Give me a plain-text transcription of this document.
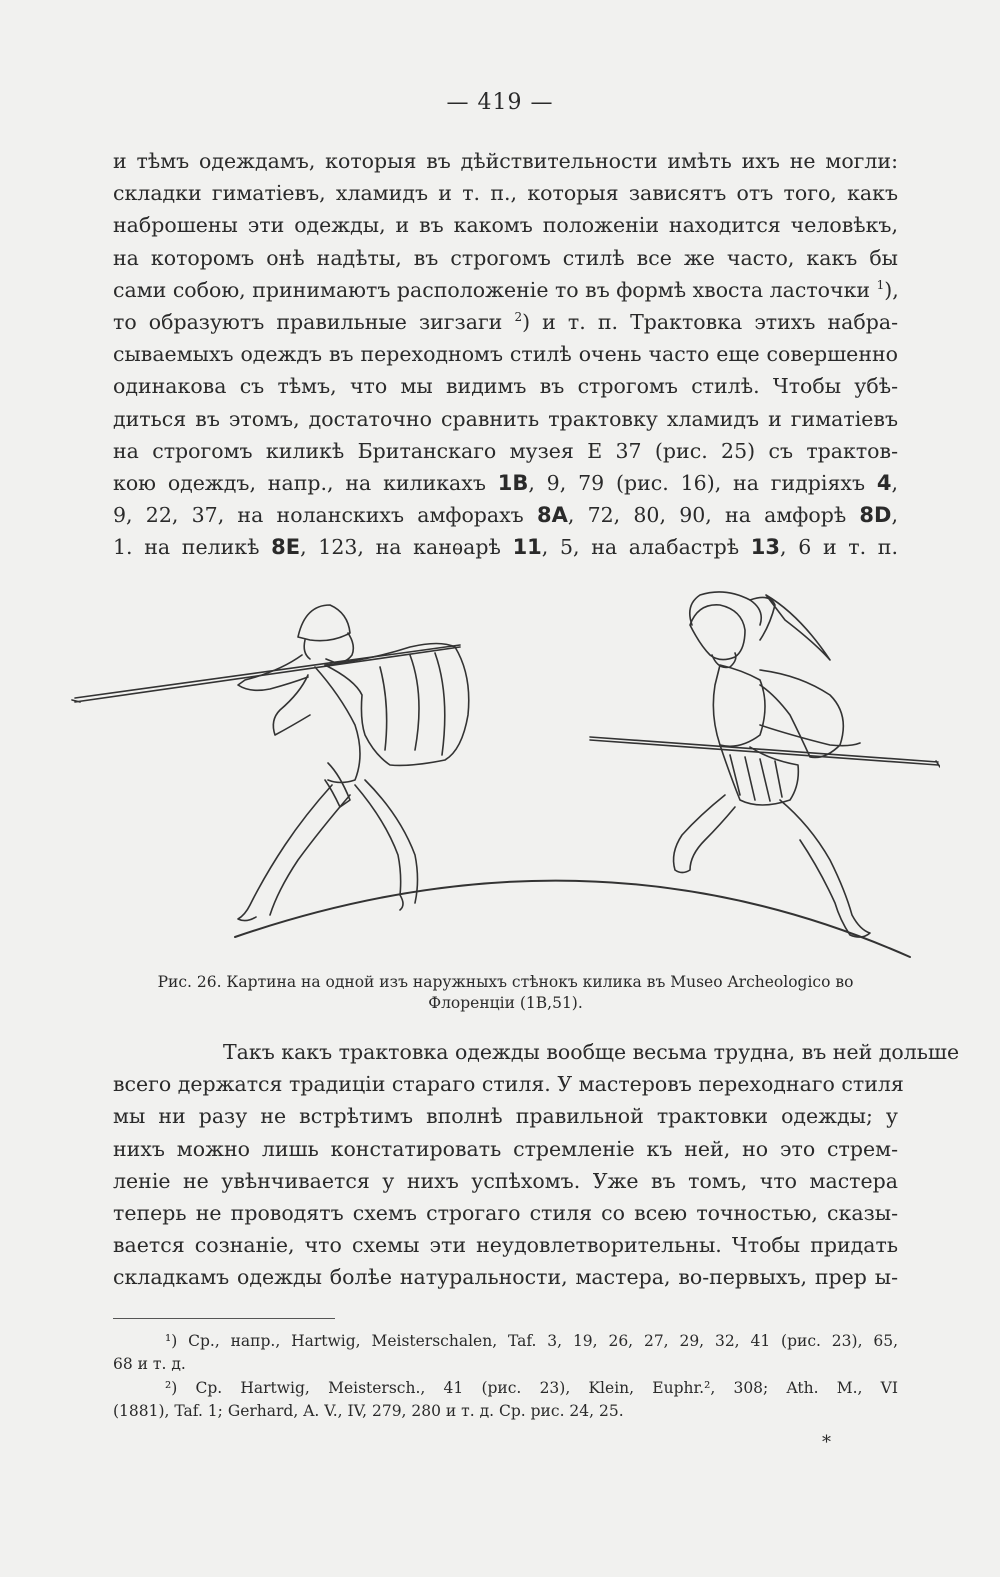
— 419 —
и тѣмъ одеждамъ, которыя въ дѣйствительности имѣть ихъ не могли:
складки гиматіевъ, хламидъ и т. п., которыя зависятъ отъ того, какъ
наброшены эти одежды, и въ какомъ положеніи находится человѣкъ,
на которомъ онѣ надѣты, въ строгомъ стилѣ все же часто, какъ бы
сами собою, принимаютъ расположеніе то въ формѣ хвоста ласточки $^1$),
то образуютъ правильные зигзаги $^2$) и т. п. Трактовка этихъ набра-
сываемыхъ одеждъ въ переходномъ стилѣ очень часто еще совершенно
одинакова съ тѣмъ, что мы видимъ въ строгомъ стилѣ. Чтобы убѣ-
диться въ этомъ, достаточно сравнить трактовку хламидъ и гиматіевъ
на строгомъ киликѣ Британскаго музея Е 37 (рис. 25) съ трактов-
кою одеждъ, напр., на киликахъ 1B, 9, 79 (рис. 16), на гидріяхъ 4,
9, 22, 37, на ноланскихъ амфорахъ 8A, 72, 80, 90, на амфорѣ 8D,
1. на пеликѣ 8E, 123, на канѳарѣ 11, 5, на алабастрѣ 13, 6 и т. п.
Рис. 26. Картина на одной изъ наружныхъ стѣнокъ килика въ Museo Archeologico во
Флоренціи (1B,51).
Такъ какъ трактовка одежды вообще весьма трудна, въ ней дольше
всего держатся традиціи стараго стиля. У мастеровъ переходнаго стиля
мы ни разу не встрѣтимъ вполнѣ правильной трактовки одежды; у
нихъ можно лишь констатировать стремленіе къ ней, но это стрем-
леніе не увѣнчивается у нихъ успѣхомъ. Уже въ томъ, что мастера
теперь не проводятъ схемъ строгаго стиля со всею точностью, сказы-
вается сознаніе, что схемы эти неудовлетворительны. Чтобы придать
складкамъ одежды болѣе натуральности, мастера, во-первыхъ, прер ы-
¹) Ср., напр., Hartwig, Meisterschalen, Taf. 3, 19, 26, 27, 29, 32, 41 (рис. 23), 65,
68 и т. д.
²) Ср. Hartwig, Meistersch., 41 (рис. 23), Klein, Euphr.², 308; Ath. M., VI
(1881), Taf. 1; Gerhard, A. V., IV, 279, 280 и т. д. Ср. рис. 24, 25.
*
